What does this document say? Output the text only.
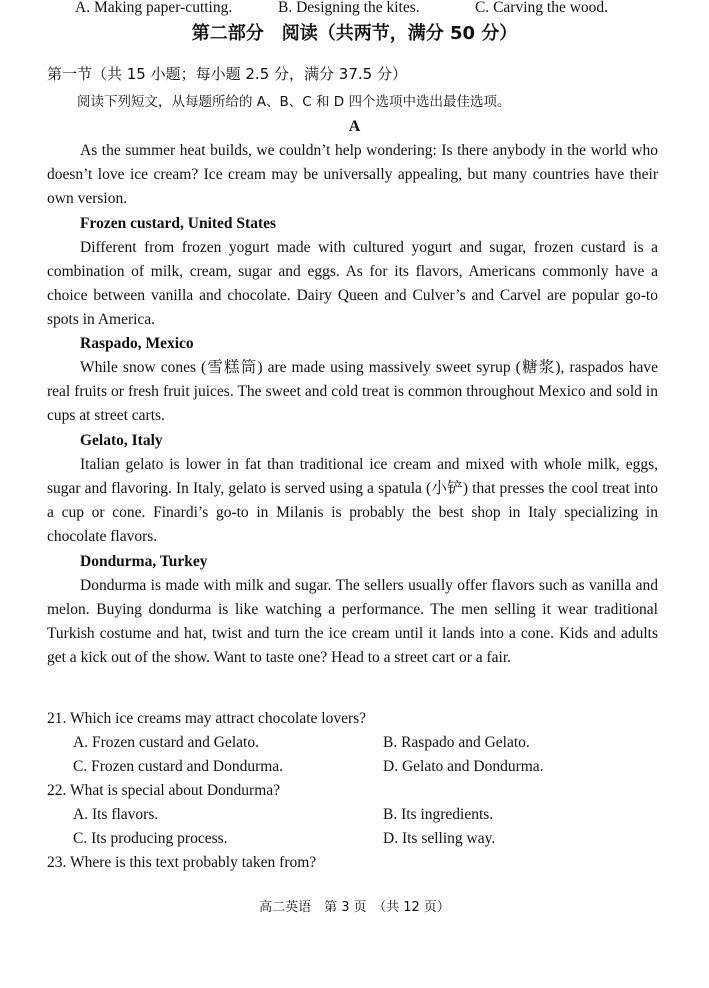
A. Making paper-cutting.	B. Designing the kites.	C. Carving the wood.
第二部分　阅读（共两节，满分 50 分）
第一节（共 15 小题；每小题 2.5 分，满分 37.5 分）
阅读下列短文，从每题所给的 A、B、C 和 D 四个选项中选出最佳选项。
A
As the summer heat builds, we couldn’t help wondering: Is there anybody in the world who doesn’t love ice cream? Ice cream may be universally appealing, but many countries have their own version.
Frozen custard, United States
Different from frozen yogurt made with cultured yogurt and sugar, frozen custard is a combination of milk, cream, sugar and eggs. As for its flavors, Americans commonly have a choice between vanilla and chocolate. Dairy Queen and Culver’s and Carvel are popular go-to spots in America.
Raspado, Mexico
While snow cones (雪糕筒) are made using massively sweet syrup (糖浆), raspados have real fruits or fresh fruit juices. The sweet and cold treat is common throughout Mexico and sold in cups at street carts.
Gelato, Italy
Italian gelato is lower in fat than traditional ice cream and mixed with whole milk, eggs, sugar and flavoring. In Italy, gelato is served using a spatula (小铲) that presses the cool treat into a cup or cone. Finardi’s go-to in Milanis is probably the best shop in Italy specializing in chocolate flavors.
Dondurma, Turkey
Dondurma is made with milk and sugar. The sellers usually offer flavors such as vanilla and melon. Buying dondurma is like watching a performance. The men selling it wear traditional Turkish costume and hat, twist and turn the ice cream until it lands into a cone. Kids and adults get a kick out of the show. Want to taste one? Head to a street cart or a fair.
21. Which ice creams may attract chocolate lovers?
A. Frozen custard and Gelato.	B. Raspado and Gelato.
C. Frozen custard and Dondurma.	D. Gelato and Dondurma.
22. What is special about Dondurma?
A. Its flavors.	B. Its ingredients.
C. Its producing process.	D. Its selling way.
23. Where is this text probably taken from?
高二英语　第 3 页　（共 12 页）
